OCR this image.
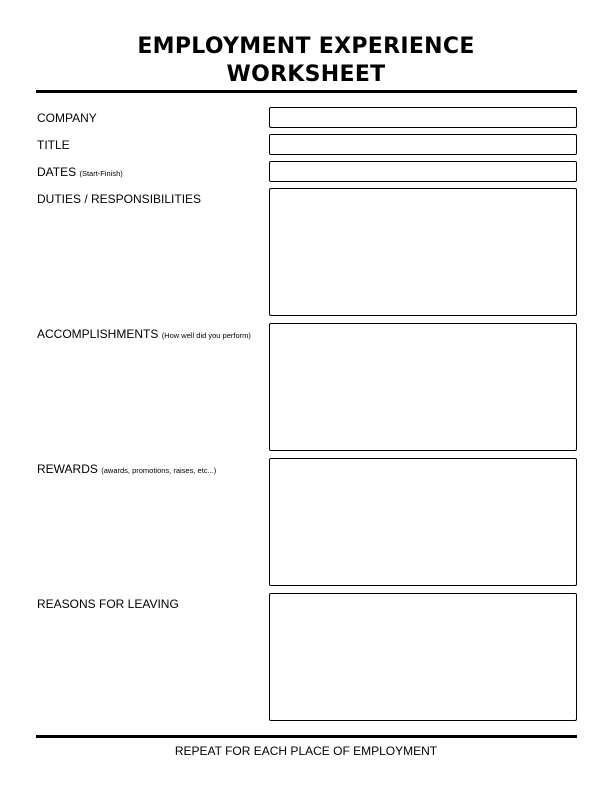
EMPLOYMENT EXPERIENCE
WORKSHEET
COMPANY
TITLE
DATES (Start-Finish)
DUTIES / RESPONSIBILITIES
ACCOMPLISHMENTS (How well did you perform)
REWARDS (awards, promotions, raises, etc...)
REASONS FOR LEAVING
REPEAT FOR EACH PLACE OF EMPLOYMENT
